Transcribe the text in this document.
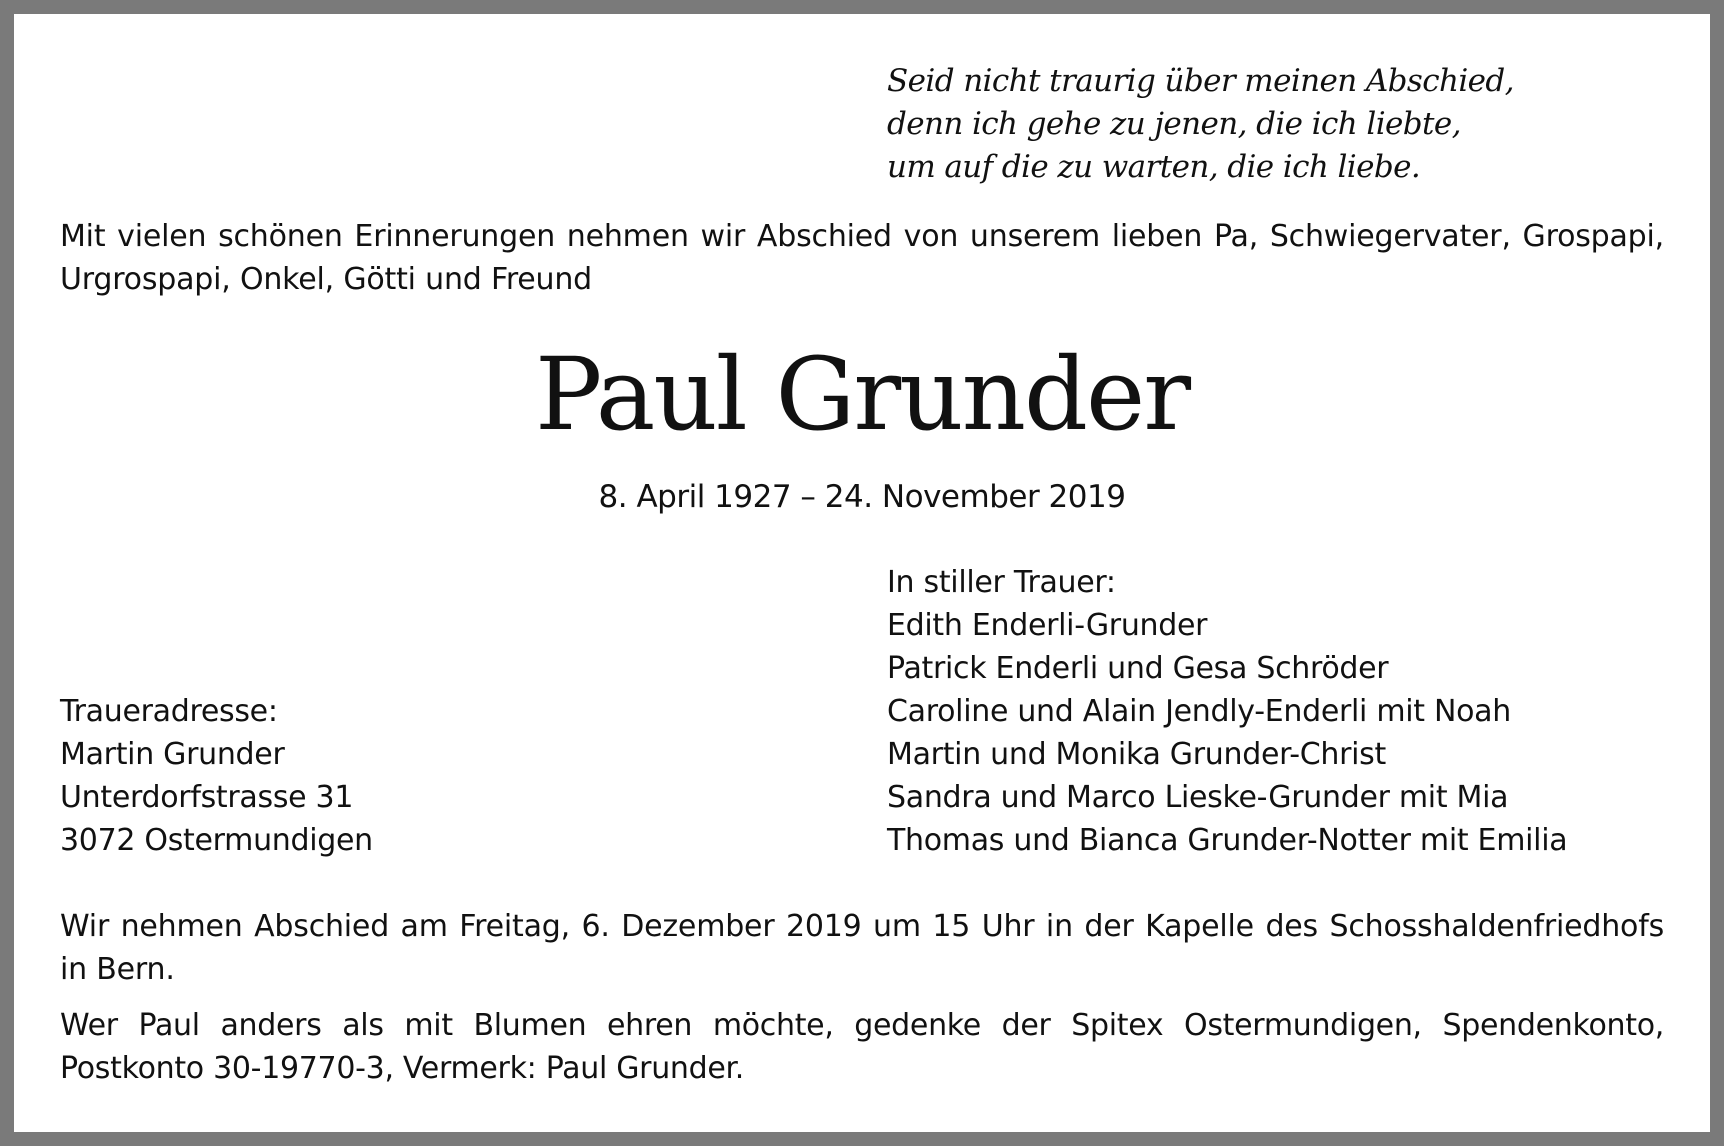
Seid nicht traurig über meinen Abschied,
denn ich gehe zu jenen, die ich liebte,
um auf die zu warten, die ich liebe.
Mit vielen schönen Erinnerungen nehmen wir Abschied von unserem lieben Pa, Schwiegervater, Grospapi, Urgrospapi, Onkel, Götti und Freund
Paul Grunder
8. April 1927 – 24. November 2019
In stiller Trauer:
Edith Enderli-Grunder
Patrick Enderli und Gesa Schröder
Caroline und Alain Jendly-Enderli mit Noah
Martin und Monika Grunder-Christ
Sandra und Marco Lieske-Grunder mit Mia
Thomas und Bianca Grunder-Notter mit Emilia
Traueradresse:
Martin Grunder
Unterdorfstrasse 31
3072 Ostermundigen
Wir nehmen Abschied am Freitag, 6. Dezember 2019 um 15 Uhr in der Kapelle des Schosshaldenfriedhofs in Bern.
Wer Paul anders als mit Blumen ehren möchte, gedenke der Spitex Ostermundigen, Spendenkonto, Postkonto 30-19770-3, Vermerk: Paul Grunder.
